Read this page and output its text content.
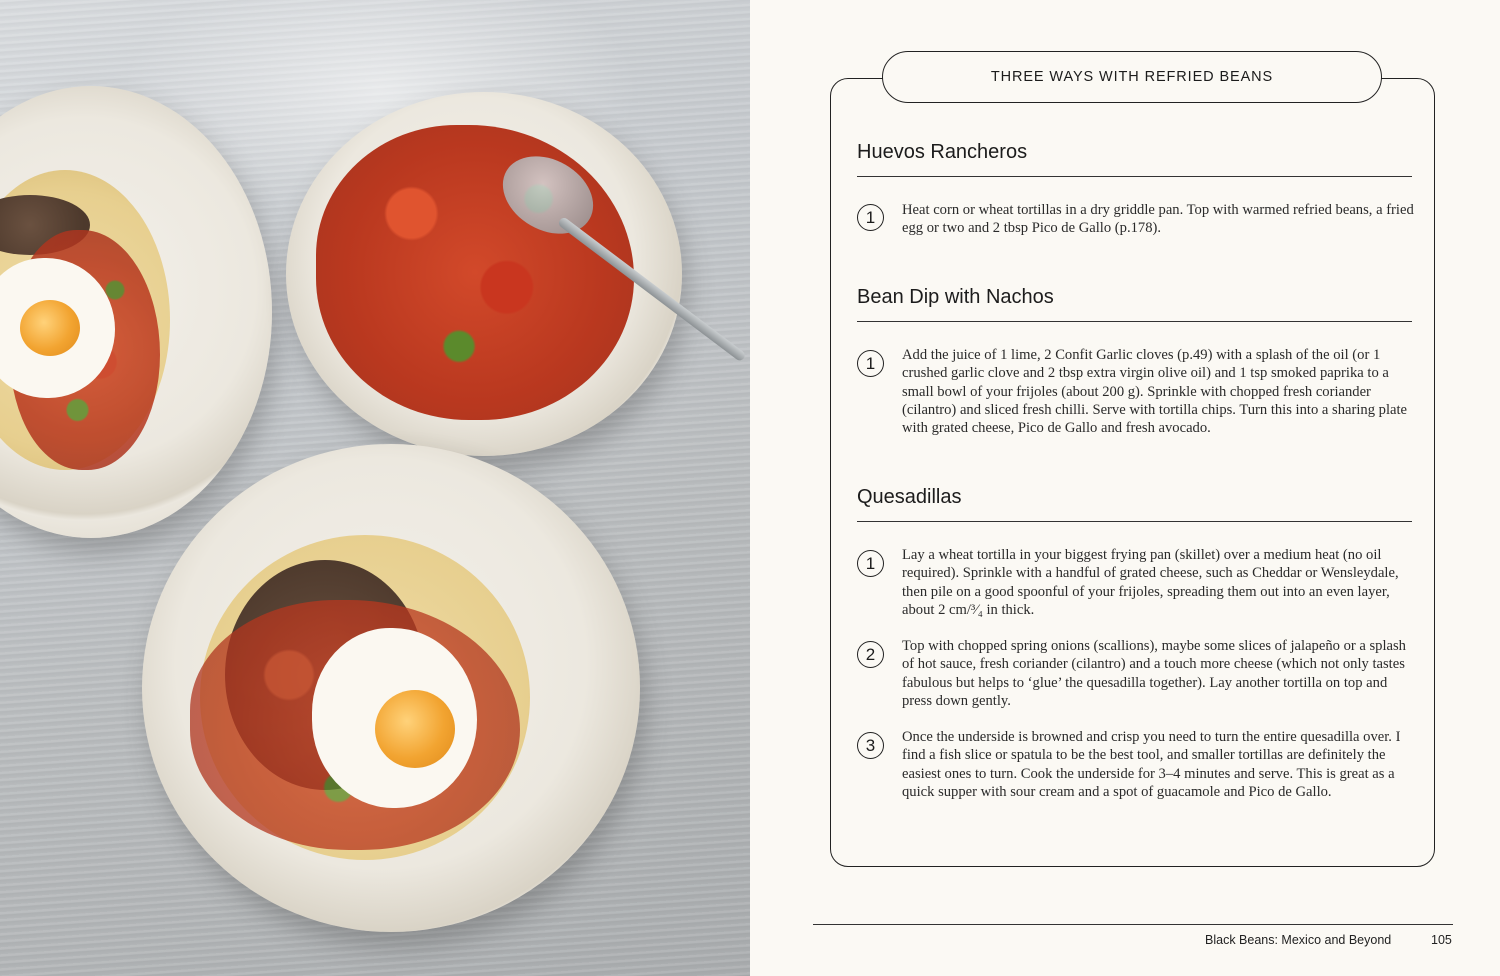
THREE WAYS WITH REFRIED BEANS
Huevos Rancheros
1	Heat corn or wheat tortillas in a dry griddle pan. Top with warmed refried beans, a fried egg or two and 2 tbsp Pico de Gallo (p.178).
Bean Dip with Nachos
1	Add the juice of 1 lime, 2 Confit Garlic cloves (p.49) with a splash of the oil (or 1 crushed garlic clove and 2 tbsp extra virgin olive oil) and 1 tsp smoked paprika to a small bowl of your frijoles (about 200 g). Sprinkle with chopped fresh coriander (cilantro) and sliced fresh chilli. Serve with tortilla chips. Turn this into a sharing plate with grated cheese, Pico de Gallo and fresh avocado.
Quesadillas
1	Lay a wheat tortilla in your biggest frying pan (skillet) over a medium heat (no oil required). Sprinkle with a handful of grated cheese, such as Cheddar or Wensleydale, then pile on a good spoonful of your frijoles, spreading them out into an even layer, about 2 cm/³⁄₄ in thick.
2	Top with chopped spring onions (scallions), maybe some slices of jalapeño or a splash of hot sauce, fresh coriander (cilantro) and a touch more cheese (which not only tastes fabulous but helps to ‘glue’ the quesadilla together). Lay another tortilla on top and press down gently.
3	Once the underside is browned and crisp you need to turn the entire quesadilla over. I find a fish slice or spatula to be the best tool, and smaller tortillas are definitely the easiest ones to turn. Cook the underside for 3–4 minutes and serve. This is great as a quick supper with sour cream and a spot of guacamole and Pico de Gallo.
Black Beans: Mexico and Beyond	105
